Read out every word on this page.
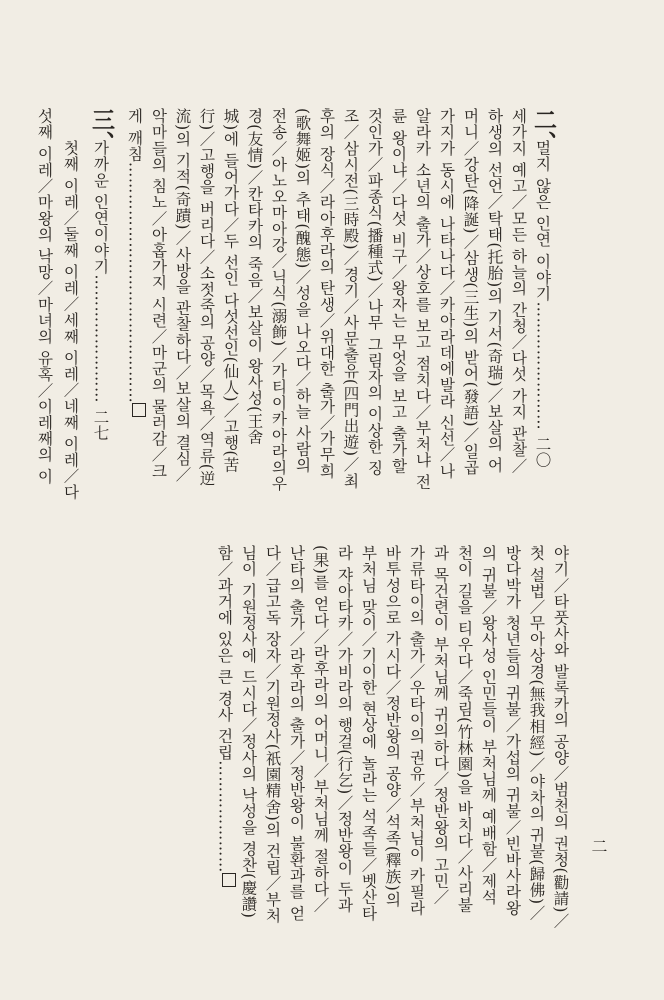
二、
멀지 않은 인연 이야기…………………… 二〇
세가지 예고／모든 하늘의 간청／다섯 가지 관찰／
하생의 선언／탁태(托胎)의 기서(奇瑞)／보살의 어
머니／강탄(降誕)／삼생(三生)의 받어(發語)／일곱
가지가 동시에 나타나다／카아라데에발라 신선／나
알라카 소년의 출가／상호를 보고 점치다／부처냐 전
륜 왕이냐／다섯 비구／왕자는 무엇을 보고 출가할
것인가／파종식(播種式)／나무 그림자의 이상한 징
조／삼시전(三時殿)／경기／사문출유(四門出遊)／최
후의 장식／라아후라의 탄생／위대한 출가／가무희
(歌舞姬)의 추태(醜態)／성을 나오다／하늘 사람의
전송／아노오마아강／닉식(溺飾)／가티이카아라의우
경(友情)／칸타카의 죽음／보살이 왕사성(王舍
城)에 들어가다／두 선인 다섯선인(仙人)／고행(苦
行)／고행을 버리다／소젓죽의 공양／목욕／역류(逆
流)의 기적(奇蹟)／사방을 관찰하다／보살의 결심／
악마들의 침노／아홉가지 시련／마군의 물러감／크
게 깨침………………………………………
三、
가까운 인연이야기…………………… 二七
첫째 이레／둘째 이레／세째 이레／네째 이레／다
섯째 이레／마왕의 낙망／마녀의 유혹／이레째의 이
야기／타풋사와 발록카의 공양／범천의 권청(勸請)／
첫 설법／무아상경(無我相經)／야차의 귀불(歸佛)／
방다박가 청년들의 귀불／가섭의 귀불／빈바사라왕
의 귀불／왕사성 인민들이 부처님께 예배함／제석
천이 길을 티우다／죽림(竹林園)을 바치다／사리불
과 목건련이 부처님께 귀의하다／정반왕의 고민／
가류타이의 출가／우타이의 권유／부처님이 카필라
바투성으로 가시다／정반왕의 공양／석족(釋族)의
부처님 맞이／기이한 현상에 놀라는 석족들／벳산타
라 쟈아타카／가비라의 행걸(行乞)／정반왕이 두과
(果)를 얻다／라후라의 어머니／부처님께 절하다／
난타의 출가／라후라의 출가／정반왕이 불환과를 얻
다／급고독 장자／기원정사(祇園精舍)의 건립／부처
님이 기원정사에 드시다／정사의 낙성을 경찬(慶讚)
함／과거에 있은 큰 경사 건립…………………	二
